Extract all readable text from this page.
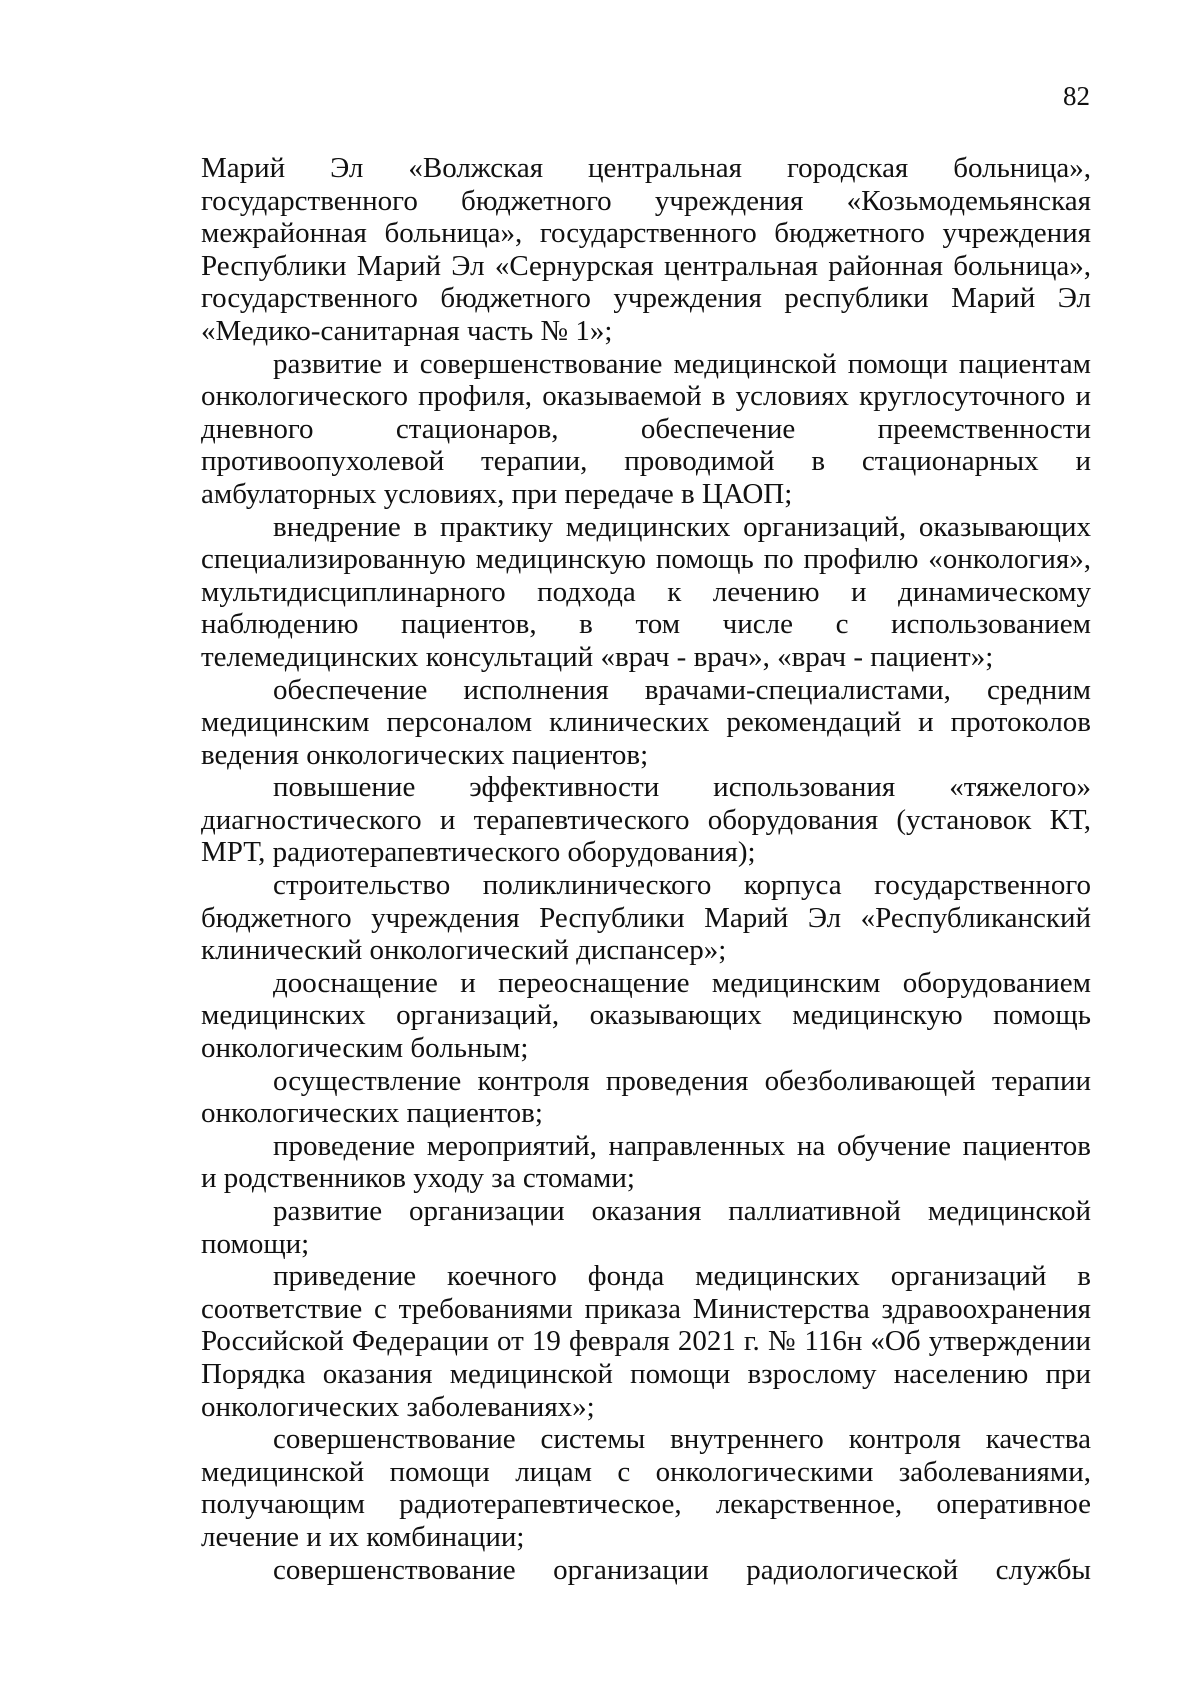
82

Марий Эл «Волжская центральная городская больница», государственного бюджетного учреждения «Козьмодемьянская межрайонная больница», государственного бюджетного учреждения Республики Марий Эл «Сернурская центральная районная больница», государственного бюджетного учреждения республики Марий Эл «Медико-санитарная часть № 1»;

развитие и совершенствование медицинской помощи пациентам онкологического профиля, оказываемой в условиях круглосуточного и дневного стационаров, обеспечение преемственности противоопухолевой терапии, проводимой в стационарных и амбулаторных условиях, при передаче в ЦАОП;

внедрение в практику медицинских организаций, оказывающих специализированную медицинскую помощь по профилю «онкология», мультидисциплинарного подхода к лечению и динамическому наблюдению пациентов, в том числе с использованием телемедицинских консультаций «врач - врач», «врач - пациент»;

обеспечение исполнения врачами-специалистами, средним медицинским персоналом клинических рекомендаций и протоколов ведения онкологических пациентов;

повышение эффективности использования «тяжелого» диагностического и терапевтического оборудования (установок КТ, МРТ, радиотерапевтического оборудования);

строительство поликлинического корпуса государственного бюджетного учреждения Республики Марий Эл «Республиканский клинический онкологический диспансер»;

дооснащение и переоснащение медицинским оборудованием медицинских организаций, оказывающих медицинскую помощь онкологическим больным;

осуществление контроля проведения обезболивающей терапии онкологических пациентов;

проведение мероприятий, направленных на обучение пациентов и родственников уходу за стомами;

развитие организации оказания паллиативной медицинской помощи;

приведение коечного фонда медицинских организаций в соответствие с требованиями приказа Министерства здравоохранения Российской Федерации от 19 февраля 2021 г. № 116н «Об утверждении Порядка оказания медицинской помощи взрослому населению при онкологических заболеваниях»;

совершенствование системы внутреннего контроля качества медицинской помощи лицам с онкологическими заболеваниями, получающим радиотерапевтическое, лекарственное, оперативное лечение и их комбинации;

совершенствование организации радиологической службы
